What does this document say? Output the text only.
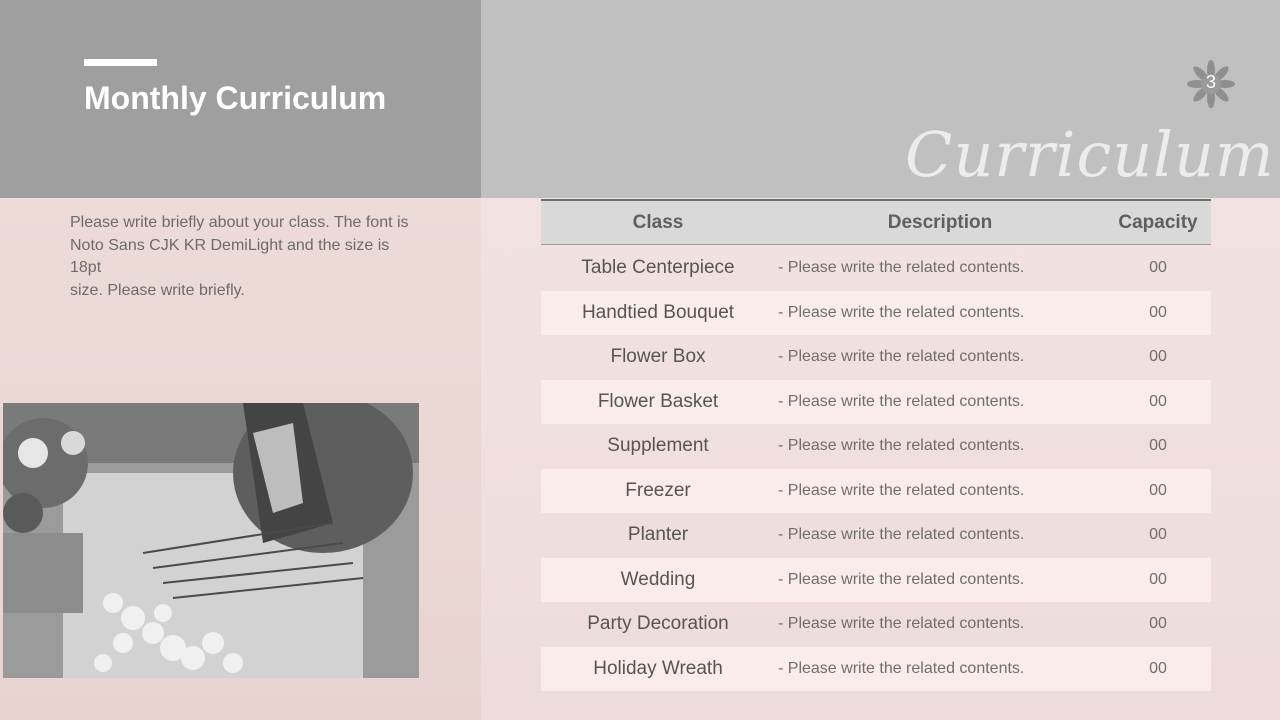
Monthly Curriculum
Curriculum
3

Please write briefly about your class. The font is
Noto Sans CJK KR DemiLight and the size is
18pt
size. Please write briefly.

Class	Description	Capacity
Table Centerpiece	- Please write the related contents.	00
Handtied Bouquet	- Please write the related contents.	00
Flower Box	- Please write the related contents.	00
Flower Basket	- Please write the related contents.	00
Supplement	- Please write the related contents.	00
Freezer	- Please write the related contents.	00
Planter	- Please write the related contents.	00
Wedding	- Please write the related contents.	00
Party Decoration	- Please write the related contents.	00
Holiday Wreath	- Please write the related contents.	00
